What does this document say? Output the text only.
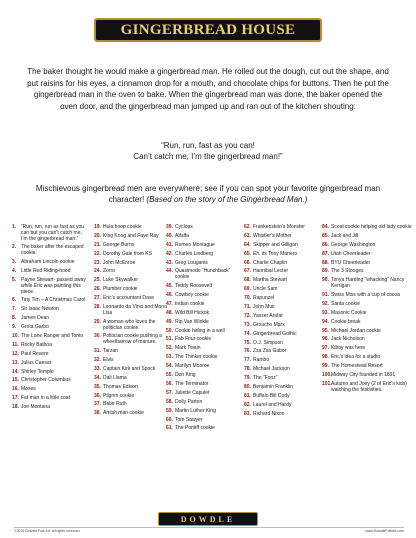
GINGERBREAD HOUSE

The baker thought he would make a gingerbread man. He rolled out the dough, cut out the shape, and put raisins for his eyes, a cinnamon drop for a mouth, and chocolate chips for buttons. Then he put the gingerbread man in the oven to bake. When the gingerbread man was done, the baker opened the oven door, and the gingerbread man jumped up and ran out of the kitchen shouting:

“Run, run, fast as you can!

Can’t catch me, I’m the gingerbread man!”

Mischievous gingerbread men are everywhere; see if you can spot your favorite gingerbread man character! (Based on the story of the Gingerbread Man.)

1. “Run, run, run as fast as you can but you can’t catch me, I’m the gingerbread man.”
2. The baker after the escaped cookie.
3. Abraham Lincoln cookie
4. Little Red Riding-hood
5. Payne Stewart- passed away while Eric was painting this piece.
6. Tiny Tim – A Christmas Carol
7. Sir Isaac Newton
8. James Dean
9. Greta Garbo
10. The Lone Ranger and Tonto
11. Rocky Balboa
12. Paul Revere
13. Julius Caesar
14. Shirley Temple
15. Christopher Columbus
16. Moses
17. Fat man in a little coat
18. Joe Montana
19. Hula hoop cookie
20. King Kong and Faye Ray
21. George Burns
22. Dorothy Gale from KS
23. John McEnroe
24. Zorro
25. Luke Skywalker
26. Plumber cookie
27. Eric’s accountant Dave
28. Leonardo da Vinci and Mona Lisa
29. A woman who loves the politician cookie.
30. Politician cookie pushing a wheelbarrow of manure.
31. Tarzan
32. Elvis
33. Captain Kirk and Spock
34. Dali Llama
35. Thomas Edison
36. Pilgrim cookie
37. Babe Ruth
38. Amish man cookie
39. Cyclops
40. Alfalfa
41. Romeo Montague
42. Charles Lindberg
43. Greg Louganis
44. Quasimodo “Hunchback” cookie
45. Teddy Roosevelt
46. Cowboy cookie
47. Indian cookie
48. Wild Bill Hickok
49. Rip Van Winkle
50. Cookie hiding in a well
51. Fab Four cookie
52. Mark Twain
53. The Thinker cookie
54. Marilyn Monroe
55. Don King
56. The Terminator
57. Juliette Capulet
58. Dolly Parton
59. Martin Luther King
60. Tom Sawyer
61. The Pontiff cookie
62. Frankenstein’s Monster
63. Whistler’s Mother
64. Skipper and Gilligan
65. Eh, its Tony Manero
66. Charlie Chaplin
67. Hannibal Lecter
68. Martha Stewart
69. Uncle Sam
70. Rapunzel
71. John Muir
72. Yasser Arafat
73. Groucho Marx
74. Gingerbread Gothic
75. O.J. Simpson
76. Zsa Zsa Gabor
77. Rambo
78. Michael Jackson
79. The “Fonz”
80. Benjamin Franklin
81. Buffalo Bill Cody
82. Laurel and Hardy
83. Richard Nixon
84. Scout cookie helping old lady cookie
85. Jack and Jill
86. George Washington
87. Utah Cheerleader
88. BYU Cheerleader
89. The 3 Stooges
90. Tonya Harding “whacking” Nancy Kerrigan
91. Swiss Miss with a cup of cocoa
92. Santa cookie
93. Masonic Cookie
94. Cookie break
95. Michael Jordan cookie
96. Jack Nicholson
97. Kilroy was here
98. Eric’s idea for a studio
99. The Homestead Resort
100. Midway City founded in 1891
101. Autumn and Joey (2 of Eric’s kids) watching the festivities.
DOWDLE
©2015 Dowdle Folk Art. All rights reserved	www.DowdleFolkArt.com
